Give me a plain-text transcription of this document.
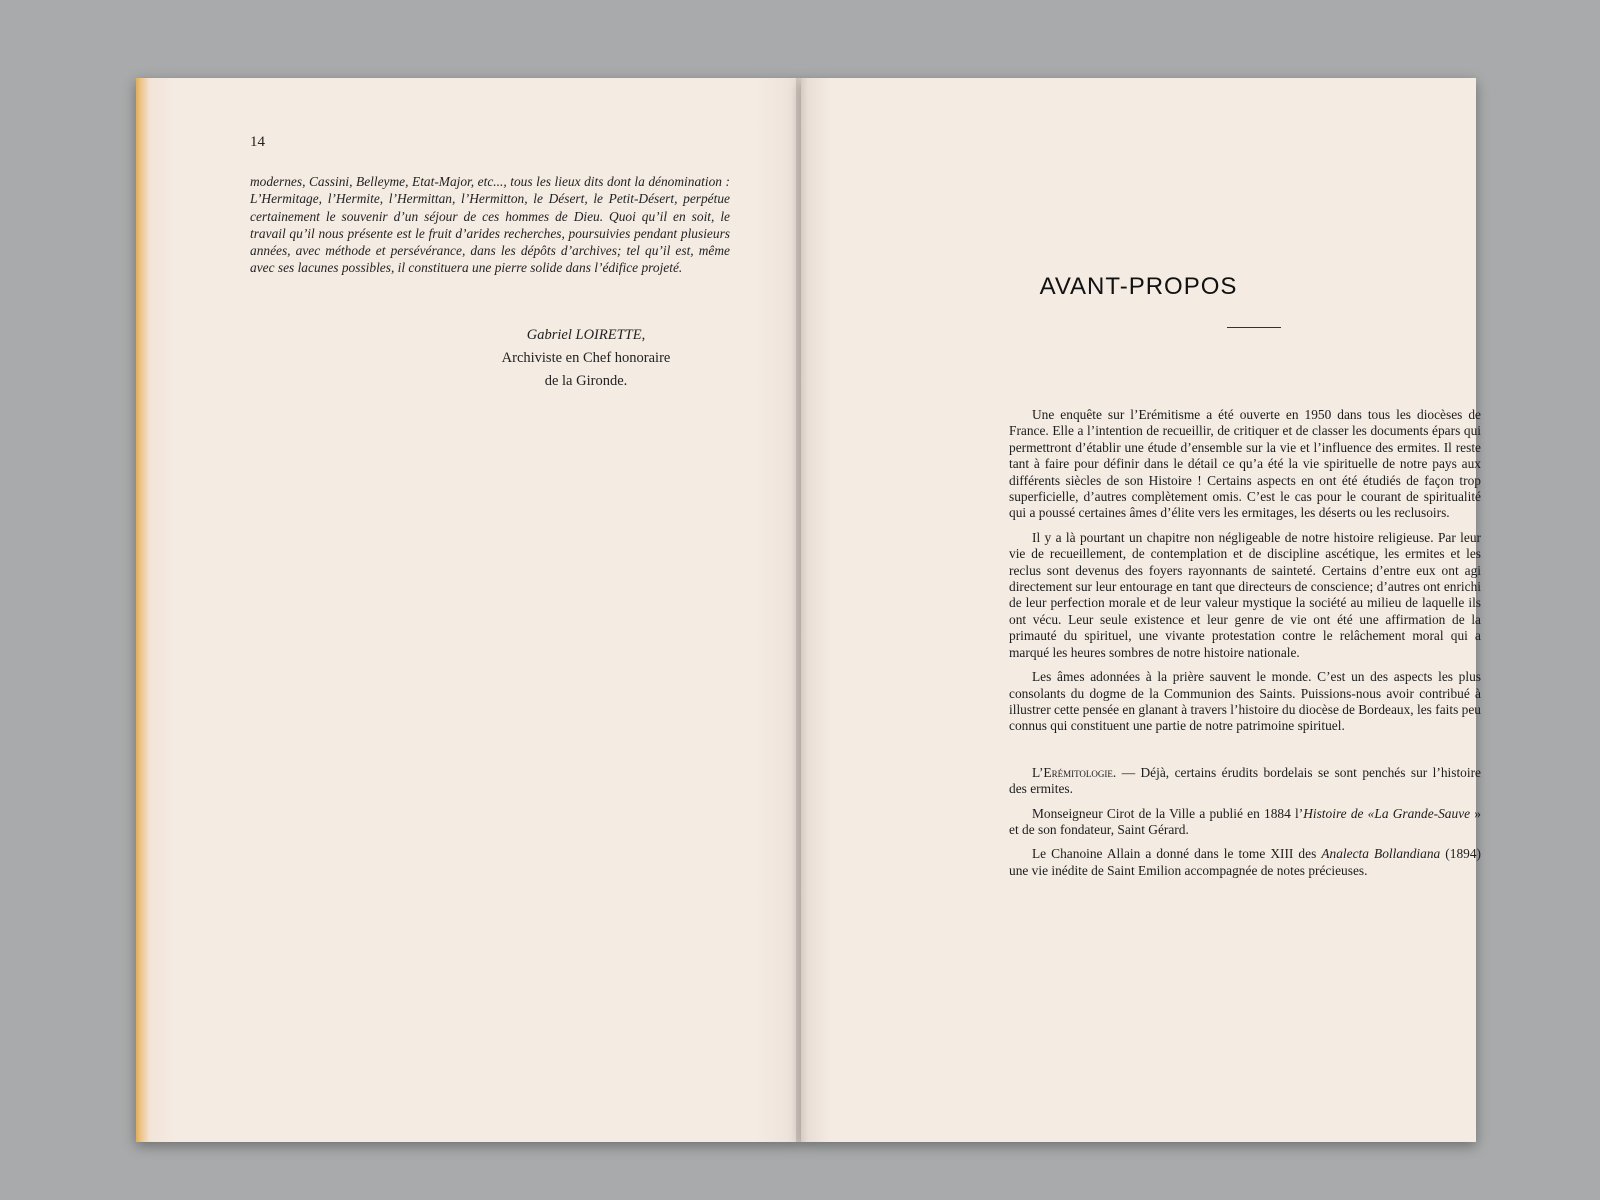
14
modernes, Cassini, Belleyme, Etat-Major, etc..., tous les lieux dits dont la dénomination : L’Hermitage, l’Hermite, l’Hermittan, l’Hermitton, le Désert, le Petit-Désert, perpétue certainement le souvenir d’un séjour de ces hommes de Dieu. Quoi qu’il en soit, le travail qu’il nous présente est le fruit d’arides recherches, poursuivies pendant plusieurs années, avec méthode et persévérance, dans les dépôts d’archives; tel qu’il est, même avec ses lacunes possibles, il constituera une pierre solide dans l’édifice projeté.
Gabriel LOIRETTE,
Archiviste en Chef honoraire
de la Gironde.
AVANT-PROPOS

Une enquête sur l’Erémitisme a été ouverte en 1950 dans tous les diocèses de France. Elle a l’intention de recueillir, de critiquer et de classer les documents épars qui permettront d’établir une étude d’ensemble sur la vie et l’influence des ermites. Il reste tant à faire pour définir dans le détail ce qu’a été la vie spirituelle de notre pays aux différents siècles de son Histoire ! Certains aspects en ont été étudiés de façon trop superficielle, d’autres complètement omis. C’est le cas pour le courant de spiritualité qui a poussé certaines âmes d’élite vers les ermitages, les déserts ou les reclusoirs.

Il y a là pourtant un chapitre non négligeable de notre histoire religieuse. Par leur vie de recueillement, de contemplation et de discipline ascétique, les ermites et les reclus sont devenus des foyers rayonnants de sainteté. Certains d’entre eux ont agi directement sur leur entourage en tant que directeurs de conscience; d’autres ont enrichi de leur perfection morale et de leur valeur mystique la société au milieu de laquelle ils ont vécu. Leur seule existence et leur genre de vie ont été une affirmation de la primauté du spirituel, une vivante protestation contre le relâchement moral qui a marqué les heures sombres de notre histoire nationale.

Les âmes adonnées à la prière sauvent le monde. C’est un des aspects les plus consolants du dogme de la Communion des Saints. Puissions-nous avoir contribué à illustrer cette pensée en glanant à travers l’histoire du diocèse de Bordeaux, les faits peu connus qui constituent une partie de notre patrimoine spirituel.

L’Erémitologie. — Déjà, certains érudits bordelais se sont penchés sur l’histoire des ermites.

Monseigneur Cirot de la Ville a publié en 1884 l’Histoire de «La Grande-Sauve » et de son fondateur, Saint Gérard.

Le Chanoine Allain a donné dans le tome XIII des Analecta Bollandiana (1894) une vie inédite de Saint Emilion accompagnée de notes précieuses.
